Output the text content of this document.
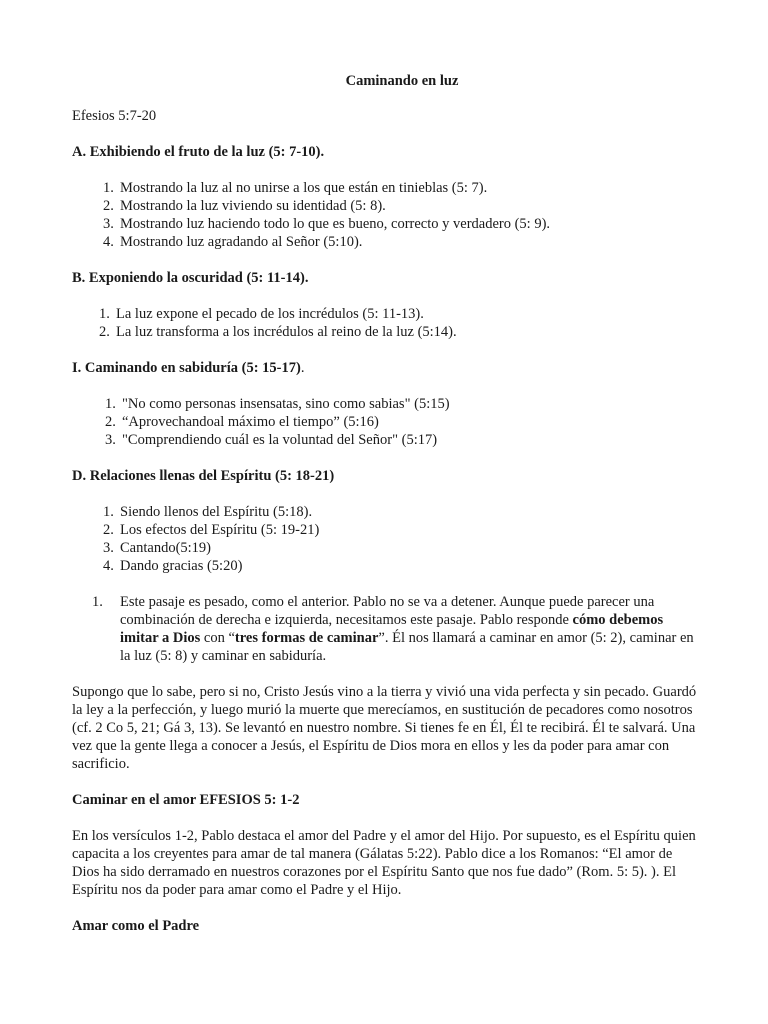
Caminando en luz

Efesios 5:7-20

A. Exhibiendo el fruto de la luz (5: 7-10).

1. Mostrando la luz al no unirse a los que están en tinieblas (5: 7).
2. Mostrando la luz viviendo su identidad (5: 8).
3. Mostrando luz haciendo todo lo que es bueno, correcto y verdadero (5: 9).
4. Mostrando luz agradando al Señor (5:10).

B. Exponiendo la oscuridad (5: 11-14).

1. La luz expone el pecado de los incrédulos (5: 11-13).
2. La luz transforma a los incrédulos al reino de la luz (5:14).

I. Caminando en sabiduría (5: 15-17).

1. "No como personas insensatas, sino como sabias" (5:15)
2. “Aprovechandoal máximo el tiempo” (5:16)
3. "Comprendiendo cuál es la voluntad del Señor" (5:17)

D. Relaciones llenas del Espíritu (5: 18-21)

1. Siendo llenos del Espíritu (5:18).
2. Los efectos del Espíritu (5: 19-21)
3. Cantando(5:19)
4. Dando gracias (5:20)
1. Este pasaje es pesado, como el anterior. Pablo no se va a detener. Aunque puede parecer una combinación de derecha e izquierda, necesitamos este pasaje. Pablo responde cómo debemos imitar a Dios con “tres formas de caminar”. Él nos llamará a caminar en amor (5: 2), caminar en la luz (5: 8) y caminar en sabiduría.

Supongo que lo sabe, pero si no, Cristo Jesús vino a la tierra y vivió una vida perfecta y sin pecado. Guardó la ley a la perfección, y luego murió la muerte que merecíamos, en sustitución de pecadores como nosotros (cf. 2 Co 5, 21; Gá 3, 13). Se levantó en nuestro nombre. Si tienes fe en Él, Él te recibirá. Él te salvará. Una vez que la gente llega a conocer a Jesús, el Espíritu de Dios mora en ellos y les da poder para amar con sacrificio.

Caminar en el amor EFESIOS 5: 1-2

En los versículos 1-2, Pablo destaca el amor del Padre y el amor del Hijo. Por supuesto, es el Espíritu quien capacita a los creyentes para amar de tal manera (Gálatas 5:22). Pablo dice a los Romanos: “El amor de Dios ha sido derramado en nuestros corazones por el Espíritu Santo que nos fue dado” (Rom. 5: 5). ). El Espíritu nos da poder para amar como el Padre y el Hijo.

Amar como el Padre
